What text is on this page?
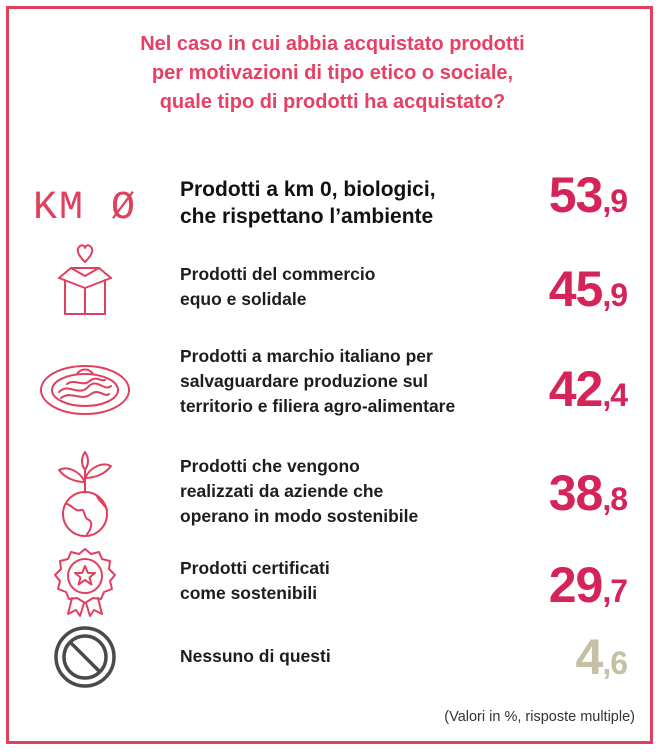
Nel caso in cui abbia acquistato prodotti
per motivazioni di tipo etico o sociale,
quale tipo di prodotti ha acquistato?
KM Ø Prodotti a km 0, biologici,
che rispettano l’ambiente	53,9
Prodotti del commercio
equo e solidale	45,9
Prodotti a marchio italiano per
salvaguardare produzione sul
territorio e filiera agro-alimentare	42,4
Prodotti che vengono
realizzati da aziende che
operano in modo sostenibile	38,8
Prodotti certificati
come sostenibili	29,7
Nessuno di questi	4,6
(Valori in %, risposte multiple)
